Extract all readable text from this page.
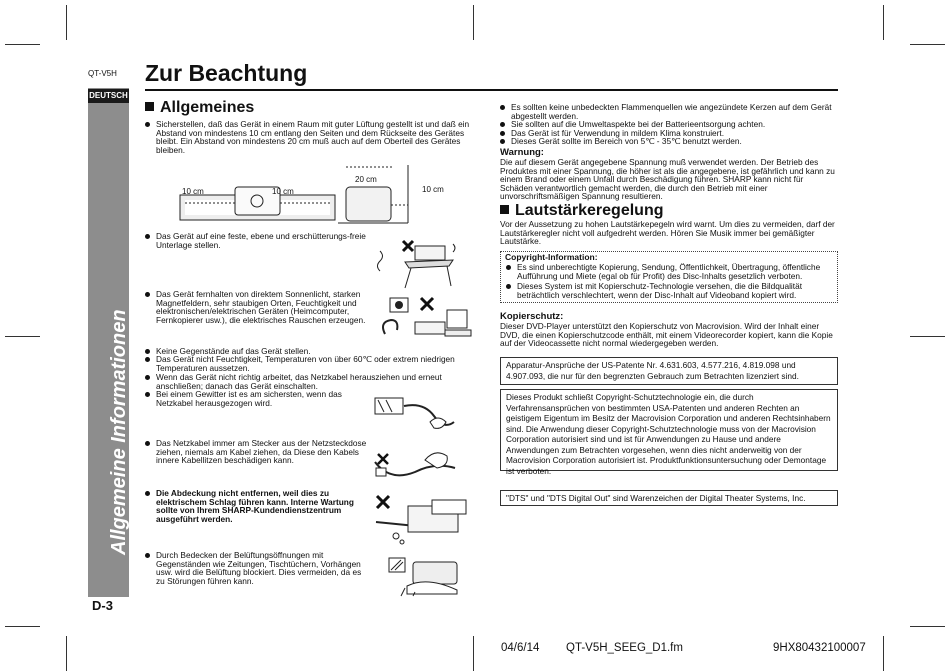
QT-V5H Zur Beachtung
DEUTSCH
Allgemeine Informationen - Zur Beachtung -
D-3
Allgemeines
Sicherstellen, daß das Gerät in einem Raum mit guter Lüftung gestellt ist und daß ein Abstand von mindestens 10 cm entlang den Seiten und dem Rückseite des Gerätes bleibt. Ein Abstand von mindestens 20 cm muß auch auf dem Oberteil des Gerätes bleiben.
10 cm	10 cm
20 cm
10 cm
Das Gerät auf eine feste, ebene und erschütterungs-freie Unterlage stellen.
Das Gerät fernhalten von direktem Sonnenlicht, starken Magnetfeldern, sehr staubigen Orten, Feuchtigkeit und elektronischen/elektrischen Geräten (Heimcomputer, Fernkopierer usw.), die elektrisches Rauschen erzeugen.
Keine Gegenstände auf das Gerät stellen.
Das Gerät nicht Feuchtigkeit, Temperaturen von über 60℃ oder extrem niedrigen Temperaturen aussetzen.
Wenn das Gerät nicht richtig arbeitet, das Netzkabel herausziehen und erneut anschließen; danach das Gerät einschalten.
Bei einem Gewitter ist es am sichersten, wenn das Netzkabel herausgezogen wird.
Das Netzkabel immer am Stecker aus der Netzsteckdose ziehen, niemals am Kabel ziehen, da Diese den Kabels innere Kabellitzen beschädigen kann.
Die Abdeckung nicht entfernen, weil dies zu elektrischem Schlag führen kann. Interne Wartung sollte von Ihrem SHARP-Kundendienstzentrum ausgeführt werden.
Durch Bedecken der Belüftungsöffnungen mit Gegenständen wie Zeitungen, Tischtüchern, Vorhängen usw. wird die Belüftung blockiert. Dies vermeiden, da es zu Störungen führen kann.
Es sollten keine unbedeckten Flammenquellen wie angezündete Kerzen auf dem Gerät abgestellt werden.
Sie sollten auf die Umweltaspekte bei der Batterieentsorgung achten.
Das Gerät ist für Verwendung in mildem Klima konstruiert.
Dieses Gerät sollte im Bereich von 5℃ - 35℃ benutzt werden.
Warnung:
Die auf diesem Gerät angegebene Spannung muß verwendet werden. Der Betrieb des Produktes mit einer Spannung, die höher ist als die angegebene, ist gefährlich und kann zu einem Brand oder einem Unfall durch Beschädigung führen. SHARP kann nicht für Schäden verantwortlich gemacht werden, die durch den Betrieb mit einer unvorschriftsmäßigen Spannung resultieren.
Lautstärkeregelung
Vor der Aussetzung zu hohen Lautstärkepegeln wird warnt. Um dies zu vermeiden, darf der Lautstärkeregler nicht voll aufgedreht werden. Hören Sie Musik immer bei gemäßigter Lautstärke.
Copyright-Information:
Es sind unberechtigte Kopierung, Sendung, Öffentlichkeit, Übertragung, öffentliche Aufführung und Miete (egal ob für Profit) des Disc-Inhalts gesetzlich verboten.
Dieses System ist mit Kopierschutz-Technologie versehen, die die Bildqualität beträchtlich verschlechtert, wenn der Disc-Inhalt auf Videoband kopiert wird.
Kopierschutz:
Dieser DVD-Player unterstützt den Kopierschutz von Macrovision. Wird der Inhalt einer DVD, die einen Kopierschutzcode enthält, mit einem Videorecorder kopiert, kann die Kopie auf der Videocassette nicht normal wiedergegeben werden.
Apparatur-Ansprüche der US-Patente Nr. 4.631.603, 4.577.216, 4.819.098 und 4.907.093, die nur für den begrenzten Gebrauch zum Betrachten lizenziert sind.
Dieses Produkt schließt Copyright-Schutztechnologie ein, die durch Verfahrensansprüchen von bestimmten USA-Patenten und anderen Rechten an geistigem Eigentum im Besitz der Macrovision Corporation und anderen Rechtsinhabern sind. Die Anwendung dieser Copyright-Schutztechnologie muss von der Macrovision Corporation autorisiert sind und ist für Anwendungen zu Hause und andere Anwendungen zum Betrachten vorgesehen, wenn dies nicht anderweitig von der Macrovision Corporation autorisiert ist. Produktfunktionsuntersuchung oder Demontage ist verboten.
"DTS" und "DTS Digital Out" sind Warenzeichen der Digital Theater Systems, Inc.
04/6/14 QT-V5H_SEEG_D1.fm	9HX80432100007
